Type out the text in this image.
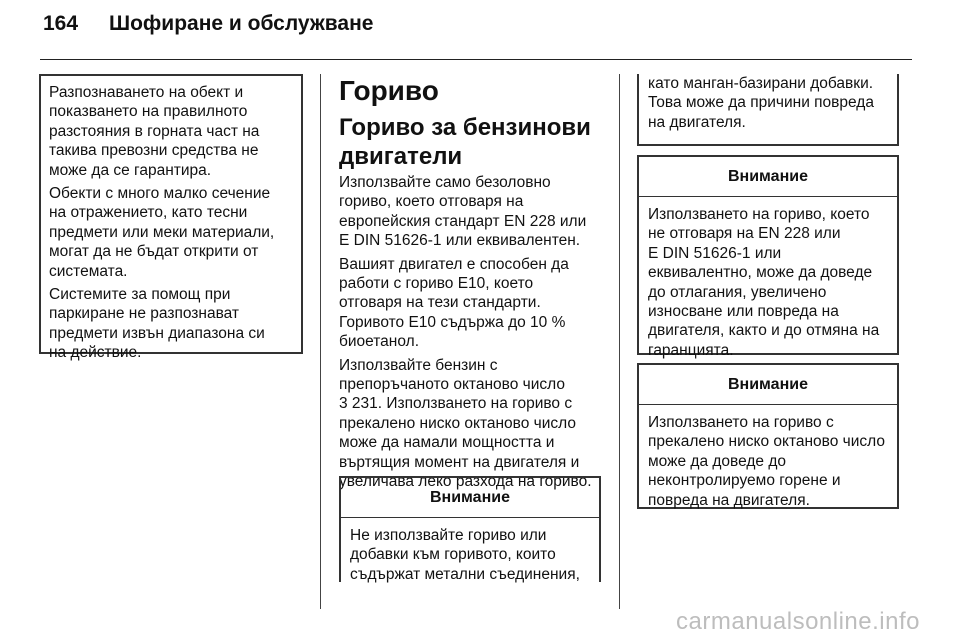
164 Шофиране и обслужване

Разпознаването на обект и
показването на правилното
разстояния в горната част на
такива превозни средства не
може да се гарантира.

Обекти с много малко сечение
на отражението, като тесни
предмети или меки материали,
могат да не бъдат открити от
системата.

Системите за помощ при
паркиране не разпознават
предмети извън диапазона си
на действие.

Гориво
Гориво за бензинови
двигатели

Използвайте само безоловно
гориво, което отговаря на
европейския стандарт EN 228 или
E DIN 51626-1 или еквивалентен.

Вашият двигател е способен да
работи с гориво E10, което
отговаря на тези стандарти.
Горивото E10 съдържа до 10 %
биоетанол.

Използвайте бензин с
препоръчаното октаново число
3 231. Използването на гориво с
прекалено ниско октаново число
може да намали мощността и
въртящия момент на двигателя и
увеличава леко разхода на гориво.

Внимание

Не използвайте гориво или
добавки към горивото, които
съдържат метални съединения,

като манган-базирани добавки.
Това може да причини повреда
на двигателя.

Внимание

Използването на гориво, което
не отговаря на EN 228 или
E DIN 51626-1 или
еквивалентно, може да доведе
до отлагания, увеличено
износване или повреда на
двигателя, както и до отмяна на
гаранцията.

Внимание

Използването на гориво с
прекалено ниско октаново число
може да доведе до
неконтролируемо горене и
повреда на двигателя.

carmanualsonline.info
